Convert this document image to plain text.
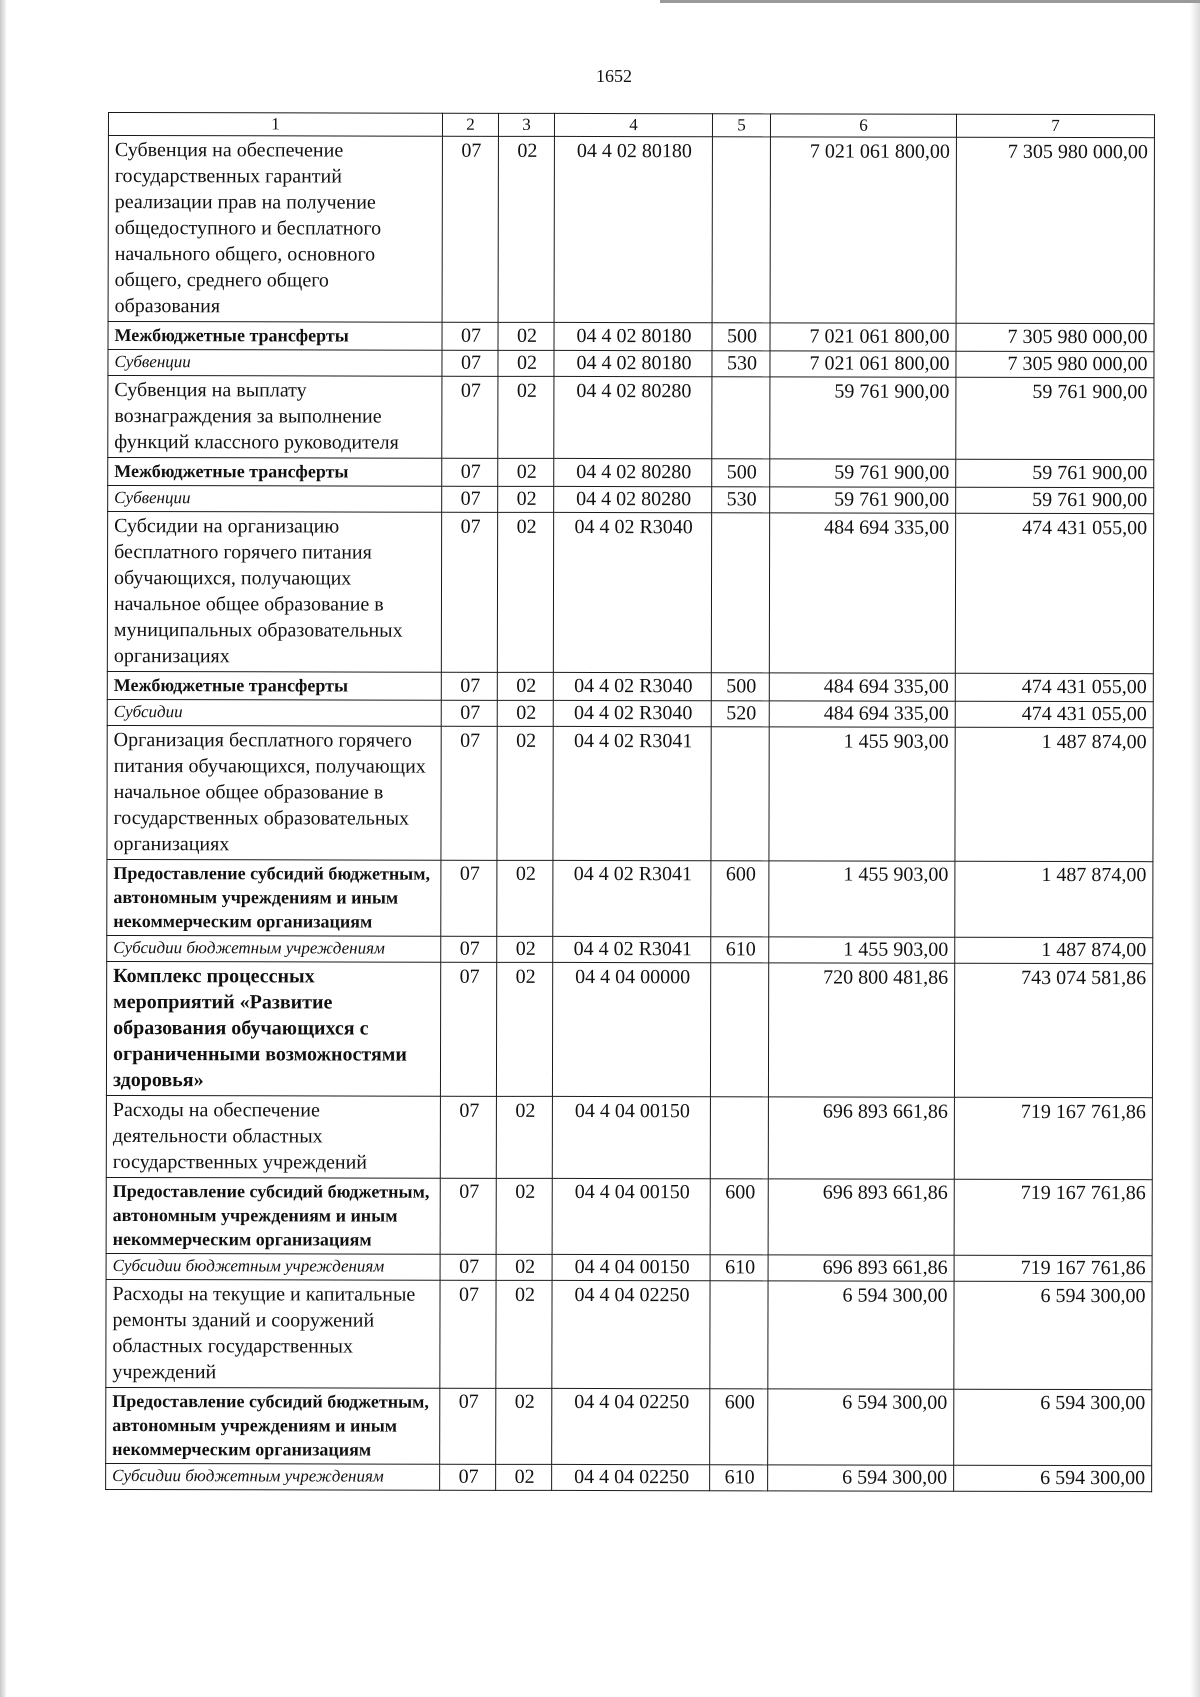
1652
1	2	3	4	5	6	7
Субвенция на обеспечение государственных гарантий реализации прав на получение общедоступного и бесплатного начального общего, основного общего, среднего общего образования	07	02	04 4 02 80180		7 021 061 800,00	7 305 980 000,00
Межбюджетные трансферты	07	02	04 4 02 80180	500	7 021 061 800,00	7 305 980 000,00
Субвенции	07	02	04 4 02 80180	530	7 021 061 800,00	7 305 980 000,00
Субвенция на выплату вознаграждения за выполнение функций классного руководителя	07	02	04 4 02 80280		59 761 900,00	59 761 900,00
Межбюджетные трансферты	07	02	04 4 02 80280	500	59 761 900,00	59 761 900,00
Субвенции	07	02	04 4 02 80280	530	59 761 900,00	59 761 900,00
Субсидии на организацию бесплатного горячего питания обучающихся, получающих начальное общее образование в муниципальных образовательных организациях	07	02	04 4 02 R3040		484 694 335,00	474 431 055,00
Межбюджетные трансферты	07	02	04 4 02 R3040	500	484 694 335,00	474 431 055,00
Субсидии	07	02	04 4 02 R3040	520	484 694 335,00	474 431 055,00
Организация бесплатного горячего питания обучающихся, получающих начальное общее образование в государственных образовательных организациях	07	02	04 4 02 R3041		1 455 903,00	1 487 874,00
Предоставление субсидий бюджетным, автономным учреждениям и иным некоммерческим организациям	07	02	04 4 02 R3041	600	1 455 903,00	1 487 874,00
Субсидии бюджетным учреждениям	07	02	04 4 02 R3041	610	1 455 903,00	1 487 874,00
Комплекс процессных мероприятий «Развитие образования обучающихся с ограниченными возможностями здоровья»	07	02	04 4 04 00000		720 800 481,86	743 074 581,86
Расходы на обеспечение деятельности областных государственных учреждений	07	02	04 4 04 00150		696 893 661,86	719 167 761,86
Предоставление субсидий бюджетным, автономным учреждениям и иным некоммерческим организациям	07	02	04 4 04 00150	600	696 893 661,86	719 167 761,86
Субсидии бюджетным учреждениям	07	02	04 4 04 00150	610	696 893 661,86	719 167 761,86
Расходы на текущие и капитальные ремонты зданий и сооружений областных государственных учреждений	07	02	04 4 04 02250		6 594 300,00	6 594 300,00
Предоставление субсидий бюджетным, автономным учреждениям и иным некоммерческим организациям	07	02	04 4 04 02250	600	6 594 300,00	6 594 300,00
Субсидии бюджетным учреждениям	07	02	04 4 04 02250	610	6 594 300,00	6 594 300,00
